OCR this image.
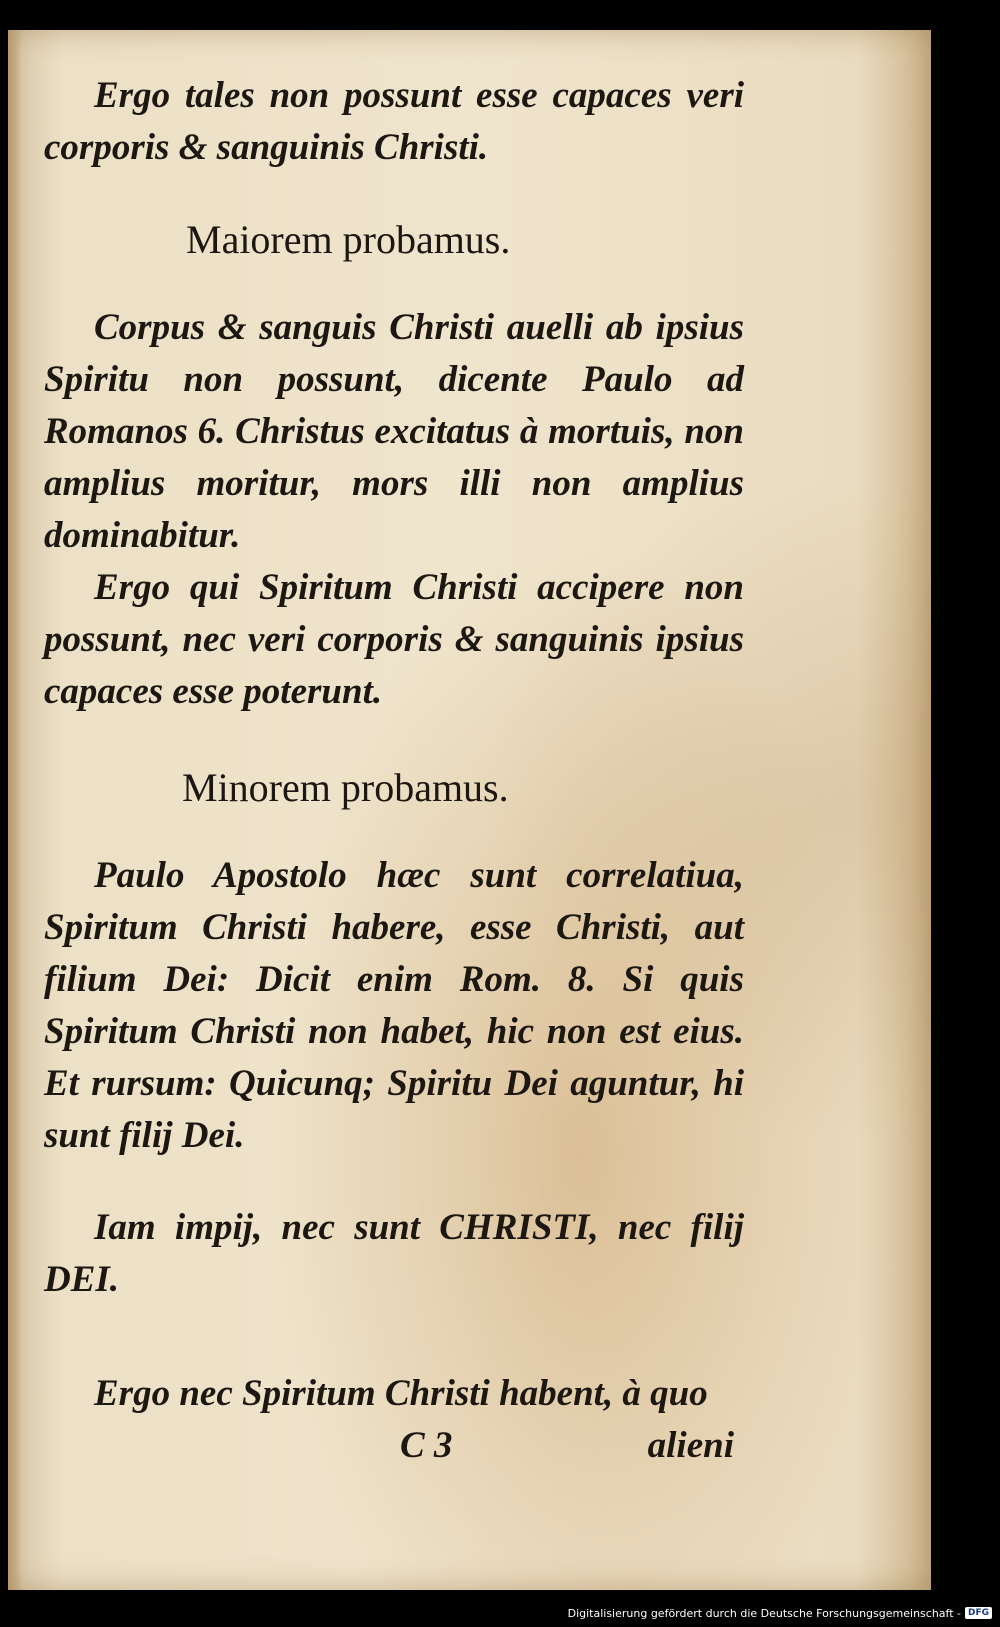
Ergo tales non possunt esse capaces veri corporis & sanguinis Christi.

Maiorem probamus.

Corpus & sanguis Christi auelli ab ipsius Spiritu non possunt, dicente Paulo ad Romanos 6. Christus excitatus à mortuis, non amplius moritur, mors illi non amplius dominabitur.

Ergo qui Spiritum Christi accipere non possunt, nec veri corporis & sanguinis ipsius capaces esse poterunt.

Minorem probamus.

Paulo Apostolo hæc sunt correlatiua, Spiritum Christi habere, esse Christi, aut filium Dei: Dicit enim Rom. 8. Si quis Spiritum Christi non habet, hic non est eius. Et rursum: Quicunq; Spiritu Dei aguntur, hi sunt filij Dei.

Iam impij, nec sunt CHRISTI, nec filij DEI.

Ergo nec Spiritum Christi habent, à quo
C 3	alieni
Digitalisierung gefördert durch die Deutsche Forschungsgemeinschaft - DFG
